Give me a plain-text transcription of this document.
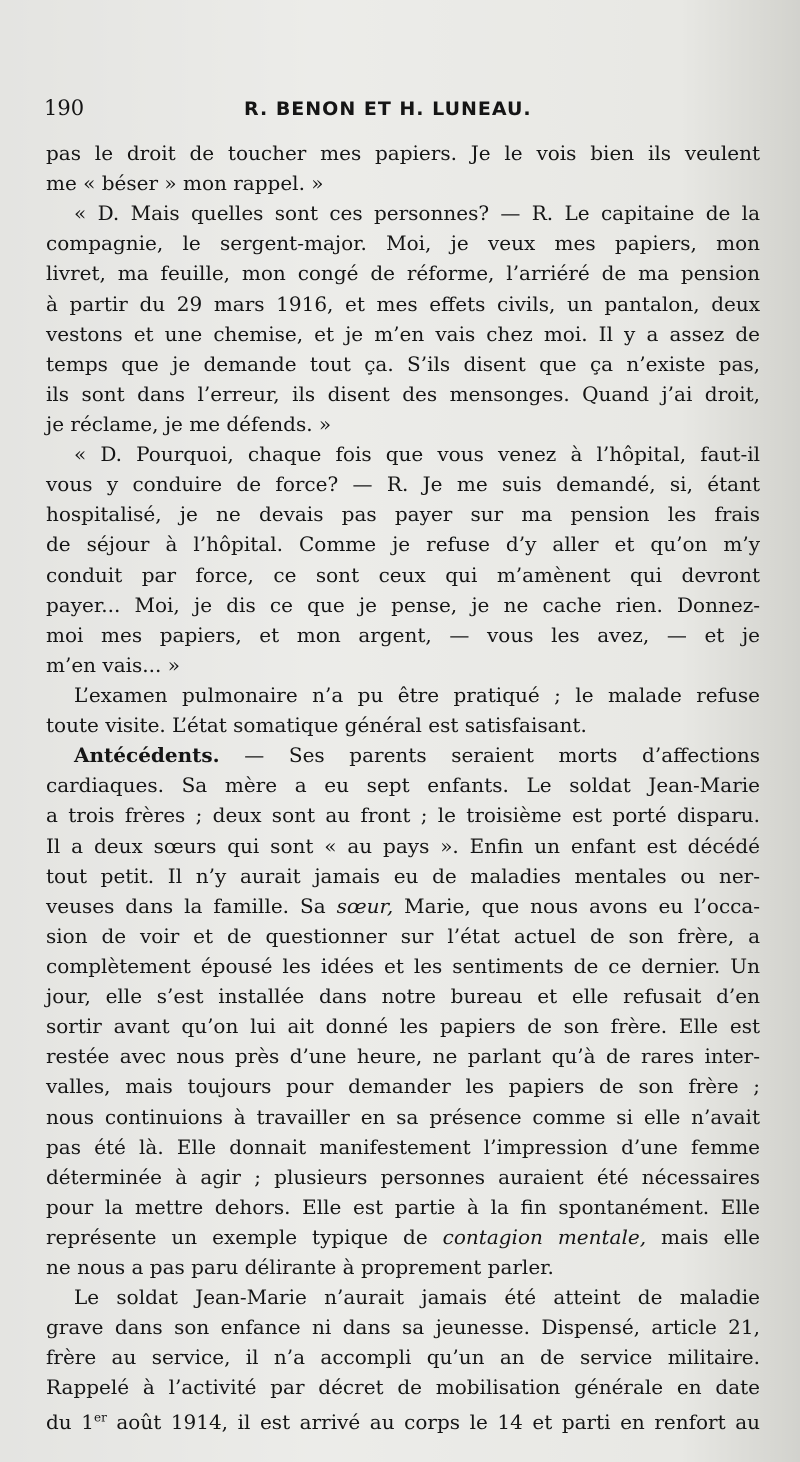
190	R. BENON ET H. LUNEAU.
pas le droit de toucher mes papiers. Je le vois bien ils veulent
me « béser » mon rappel. »
« D. Mais quelles sont ces personnes? — R. Le capitaine de la
compagnie, le sergent-major. Moi, je veux mes papiers, mon
livret, ma feuille, mon congé de réforme, l’arriéré de ma pension
à partir du 29 mars 1916, et mes effets civils, un pantalon, deux
vestons et une chemise, et je m’en vais chez moi. Il y a assez de
temps que je demande tout ça. S’ils disent que ça n’existe pas,
ils sont dans l’erreur, ils disent des mensonges. Quand j’ai droit,
je réclame, je me défends. »
« D. Pourquoi, chaque fois que vous venez à l’hôpital, faut-il
vous y conduire de force? — R. Je me suis demandé, si, étant
hospitalisé, je ne devais pas payer sur ma pension les frais
de séjour à l’hôpital. Comme je refuse d’y aller et qu’on m’y
conduit par force, ce sont ceux qui m’amènent qui devront
payer... Moi, je dis ce que je pense, je ne cache rien. Donnez-
moi mes papiers, et mon argent, — vous les avez, — et je
m’en vais... »
L’examen pulmonaire n’a pu être pratiqué ; le malade refuse
toute visite. L’état somatique général est satisfaisant.
Antécédents. — Ses parents seraient morts d’affections
cardiaques. Sa mère a eu sept enfants. Le soldat Jean-Marie
a trois frères ; deux sont au front ; le troisième est porté disparu.
Il a deux sœurs qui sont « au pays ». Enfin un enfant est décédé
tout petit. Il n’y aurait jamais eu de maladies mentales ou ner-
veuses dans la famille. Sa sœur, Marie, que nous avons eu l’occa-
sion de voir et de questionner sur l’état actuel de son frère, a
complètement épousé les idées et les sentiments de ce dernier. Un
jour, elle s’est installée dans notre bureau et elle refusait d’en
sortir avant qu’on lui ait donné les papiers de son frère. Elle est
restée avec nous près d’une heure, ne parlant qu’à de rares inter-
valles, mais toujours pour demander les papiers de son frère ;
nous continuions à travailler en sa présence comme si elle n’avait
pas été là. Elle donnait manifestement l’impression d’une femme
déterminée à agir ; plusieurs personnes auraient été nécessaires
pour la mettre dehors. Elle est partie à la fin spontanément. Elle
représente un exemple typique de contagion mentale, mais elle
ne nous a pas paru délirante à proprement parler.
Le soldat Jean-Marie n’aurait jamais été atteint de maladie
grave dans son enfance ni dans sa jeunesse. Dispensé, article 21,
frère au service, il n’a accompli qu’un an de service militaire.
Rappelé à l’activité par décret de mobilisation générale en date
du 1er août 1914, il est arrivé au corps le 14 et parti en renfort au
